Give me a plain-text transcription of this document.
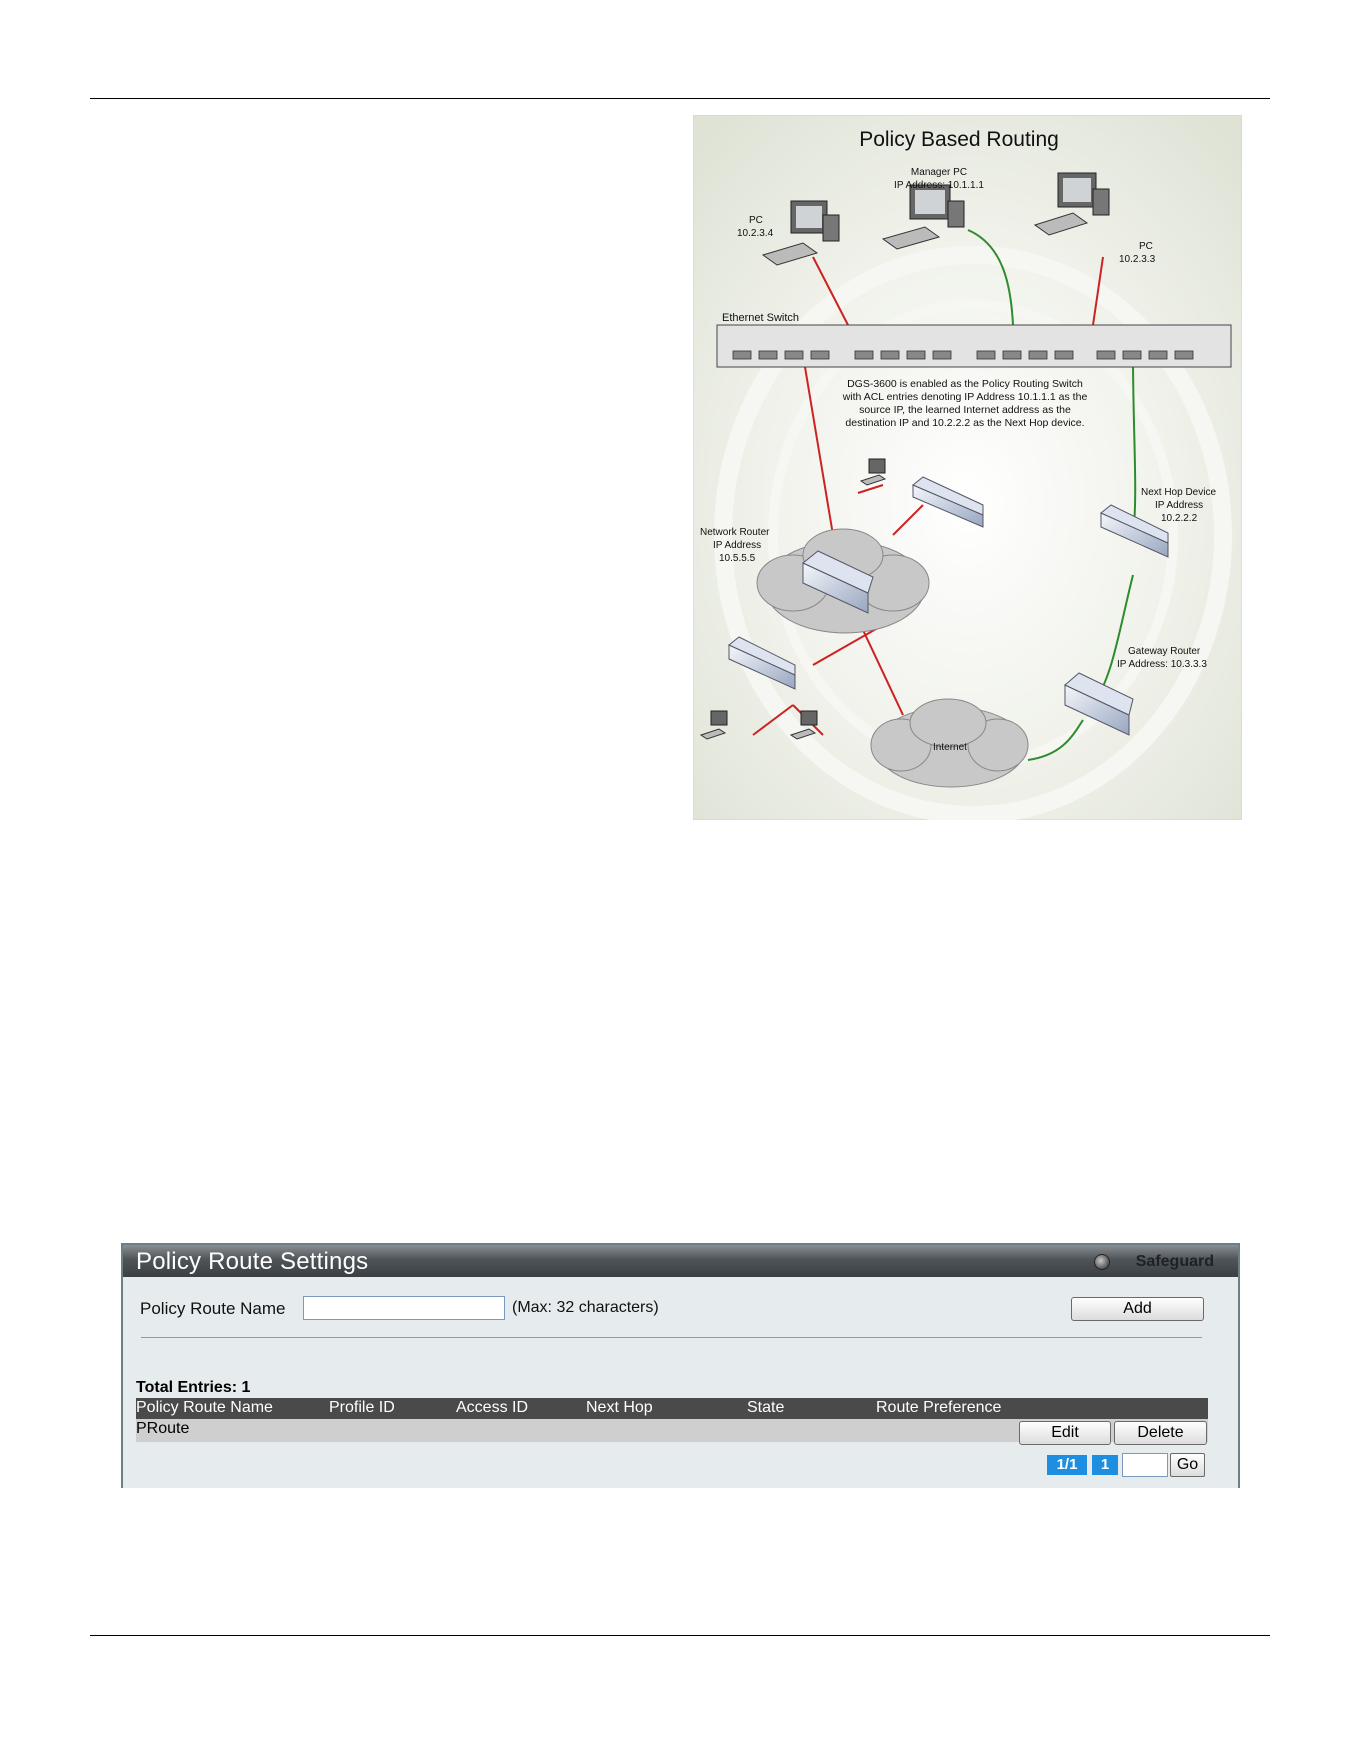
Policy Based Routing
PC
10.2.3.4
Manager PC
IP Address: 10.1.1.1
PC
10.2.3.3
Ethernet Switch
DGS-3600 is enabled as the Policy Routing Switch
with ACL entries denoting IP Address 10.1.1.1 as the
source IP, the learned Internet address as the
destination IP and 10.2.2.2 as the Next Hop device.
Next Hop Device
IP Address
10.2.2.2
Network Router
IP Address
10.5.5.5
Internet
Gateway Router
IP Address: 10.3.3.3
Policy Route Settings	Safeguard
Policy Route Name	(Max: 32 characters)	Add
Total Entries: 1
Policy Route Name	Profile ID	Access ID	Next Hop	State	Route Preference
PRoute	Edit	Delete
1/1	1	Go
